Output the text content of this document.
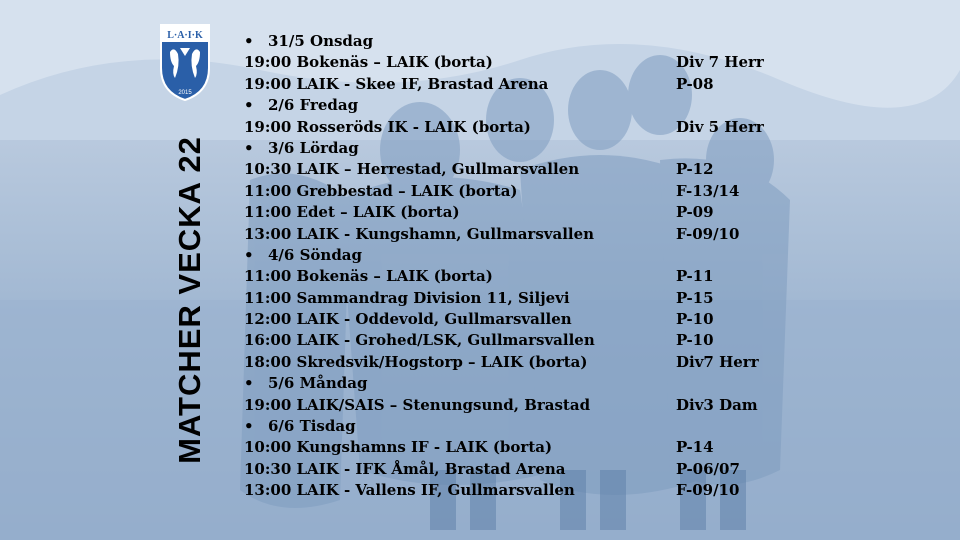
L·A·I·K
2015
MATCHER VECKA 22
• 31/5 Onsdag
19:00 Bokenäs – LAIK (borta)	Div 7 Herr
19:00 LAIK - Skee IF, Brastad Arena	P-08
• 2/6 Fredag
19:00 Rosseröds IK - LAIK (borta)	Div 5 Herr
• 3/6 Lördag
10:30 LAIK – Herrestad, Gullmarsvallen	P-12
11:00 Grebbestad – LAIK (borta)	F-13/14
11:00 Edet – LAIK (borta)	P-09
13:00 LAIK - Kungshamn, Gullmarsvallen	F-09/10
• 4/6 Söndag
11:00 Bokenäs – LAIK (borta)	P-11
11:00 Sammandrag Division 11, Siljevi	P-15
12:00 LAIK - Oddevold, Gullmarsvallen	P-10
16:00 LAIK - Grohed/LSK, Gullmarsvallen	P-10
18:00 Skredsvik/Hogstorp – LAIK (borta)	Div7 Herr
• 5/6 Måndag
19:00 LAIK/SAIS – Stenungsund, Brastad	Div3 Dam
• 6/6 Tisdag
10:00 Kungshamns IF - LAIK (borta)	P-14
10:30 LAIK - IFK Åmål, Brastad Arena	P-06/07
13:00 LAIK - Vallens IF, Gullmarsvallen	F-09/10
